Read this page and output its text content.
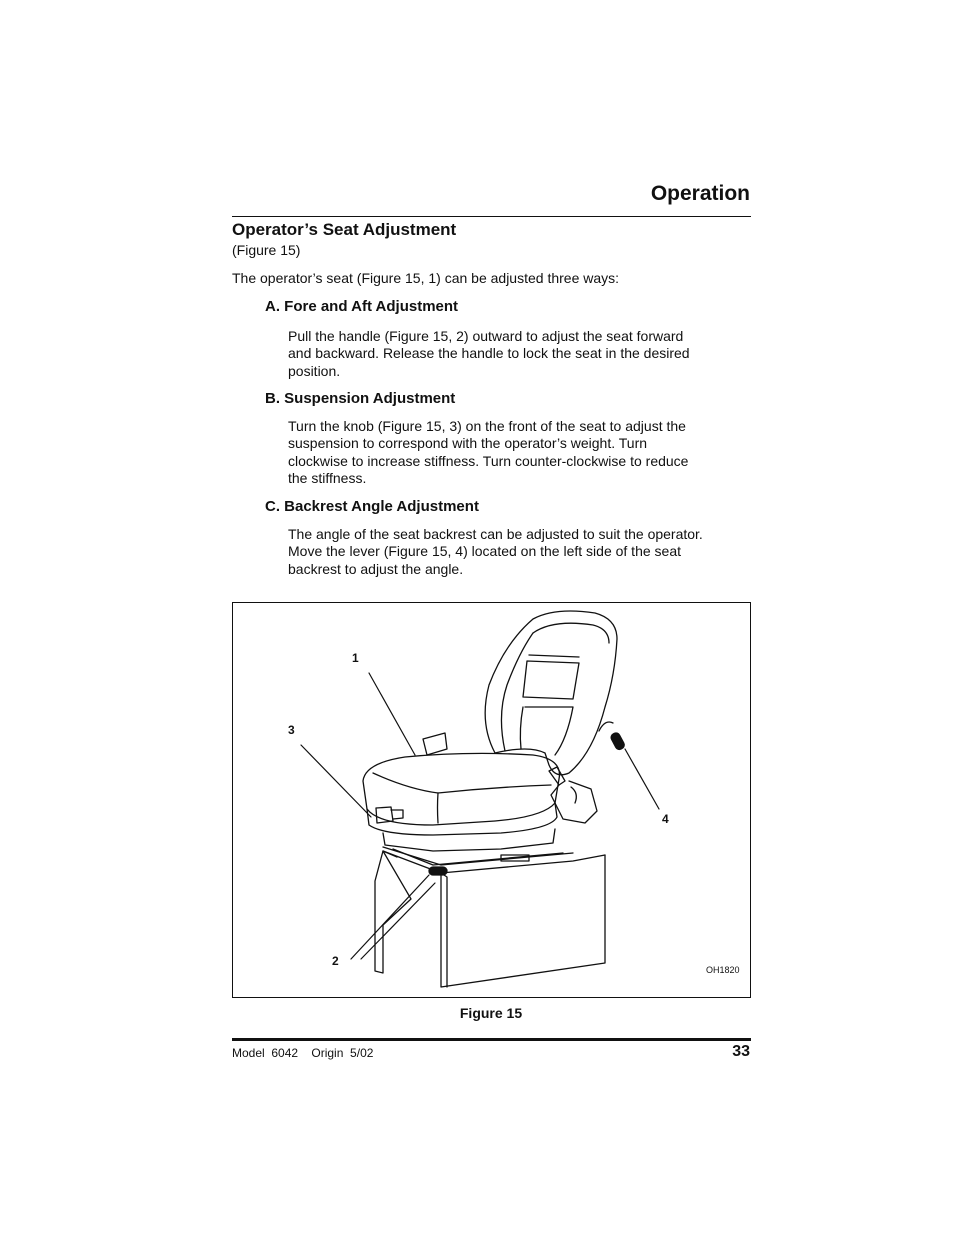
Operation
Operator’s Seat Adjustment
(Figure 15)
The operator’s seat (Figure 15, 1) can be adjusted three ways:
A. Fore and Aft Adjustment

Pull the handle (Figure 15, 2) outward to adjust the seat forward
and backward. Release the handle to lock the seat in the desired
position.

B. Suspension Adjustment

Turn the knob (Figure 15, 3) on the front of the seat to adjust the
suspension to correspond with the operator’s weight. Turn
clockwise to increase stiffness. Turn counter-clockwise to reduce
the stiffness.

C. Backrest Angle Adjustment

The angle of the seat backrest can be adjusted to suit the operator.
Move the lever (Figure 15, 4) located on the left side of the seat
backrest to adjust the angle.

1
2
3
4
OH1820
Figure 15
Model  6042    Origin  5/02	33
